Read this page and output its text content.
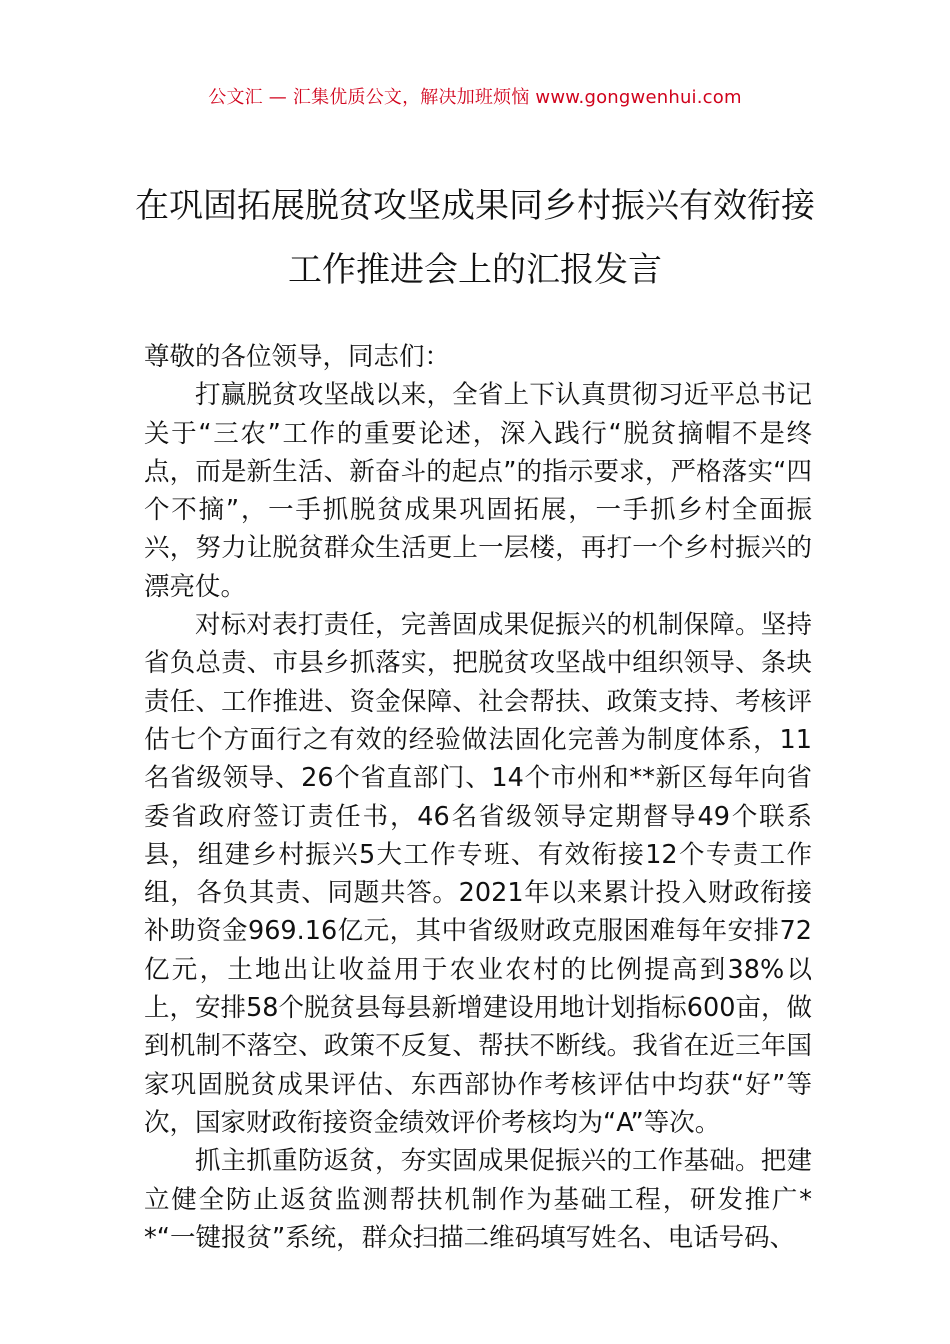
公文汇 — 汇集优质公文，解决加班烦恼 www.gongwenhui.com
在巩固拓展脱贫攻坚成果同乡村振兴有效衔接工作推进会上的汇报发言

尊敬的各位领导，同志们：

打赢脱贫攻坚战以来，全省上下认真贯彻习近平总书记关于“三农”工作的重要论述，深入践行“脱贫摘帽不是终点，而是新生活、新奋斗的起点”的指示要求，严格落实“四个不摘”，一手抓脱贫成果巩固拓展，一手抓乡村全面振兴，努力让脱贫群众生活更上一层楼，再打一个乡村振兴的漂亮仗。

对标对表打责任，完善固成果促振兴的机制保障。坚持省负总责、市县乡抓落实，把脱贫攻坚战中组织领导、条块责任、工作推进、资金保障、社会帮扶、政策支持、考核评估七个方面行之有效的经验做法固化完善为制度体系，11名省级领导、26个省直部门、14个市州和**新区每年向省委省政府签订责任书，46名省级领导定期督导49个联系县，组建乡村振兴5大工作专班、有效衔接12个专责工作组，各负其责、同题共答。2021年以来累计投入财政衔接补助资金969.16亿元，其中省级财政克服困难每年安排72亿元，土地出让收益用于农业农村的比例提高到38%以上，安排58个脱贫县每县新增建设用地计划指标600亩，做到机制不落空、政策不反复、帮扶不断线。我省在近三年国家巩固脱贫成果评估、东西部协作考核评估中均获“好”等次，国家财政衔接资金绩效评价考核均为“A”等次。

抓主抓重防返贫，夯实固成果促振兴的工作基础。把建立健全防止返贫监测帮扶机制作为基础工程，研发推广**“一键报贫”系统，群众扫描二维码填写姓名、电话号码、
